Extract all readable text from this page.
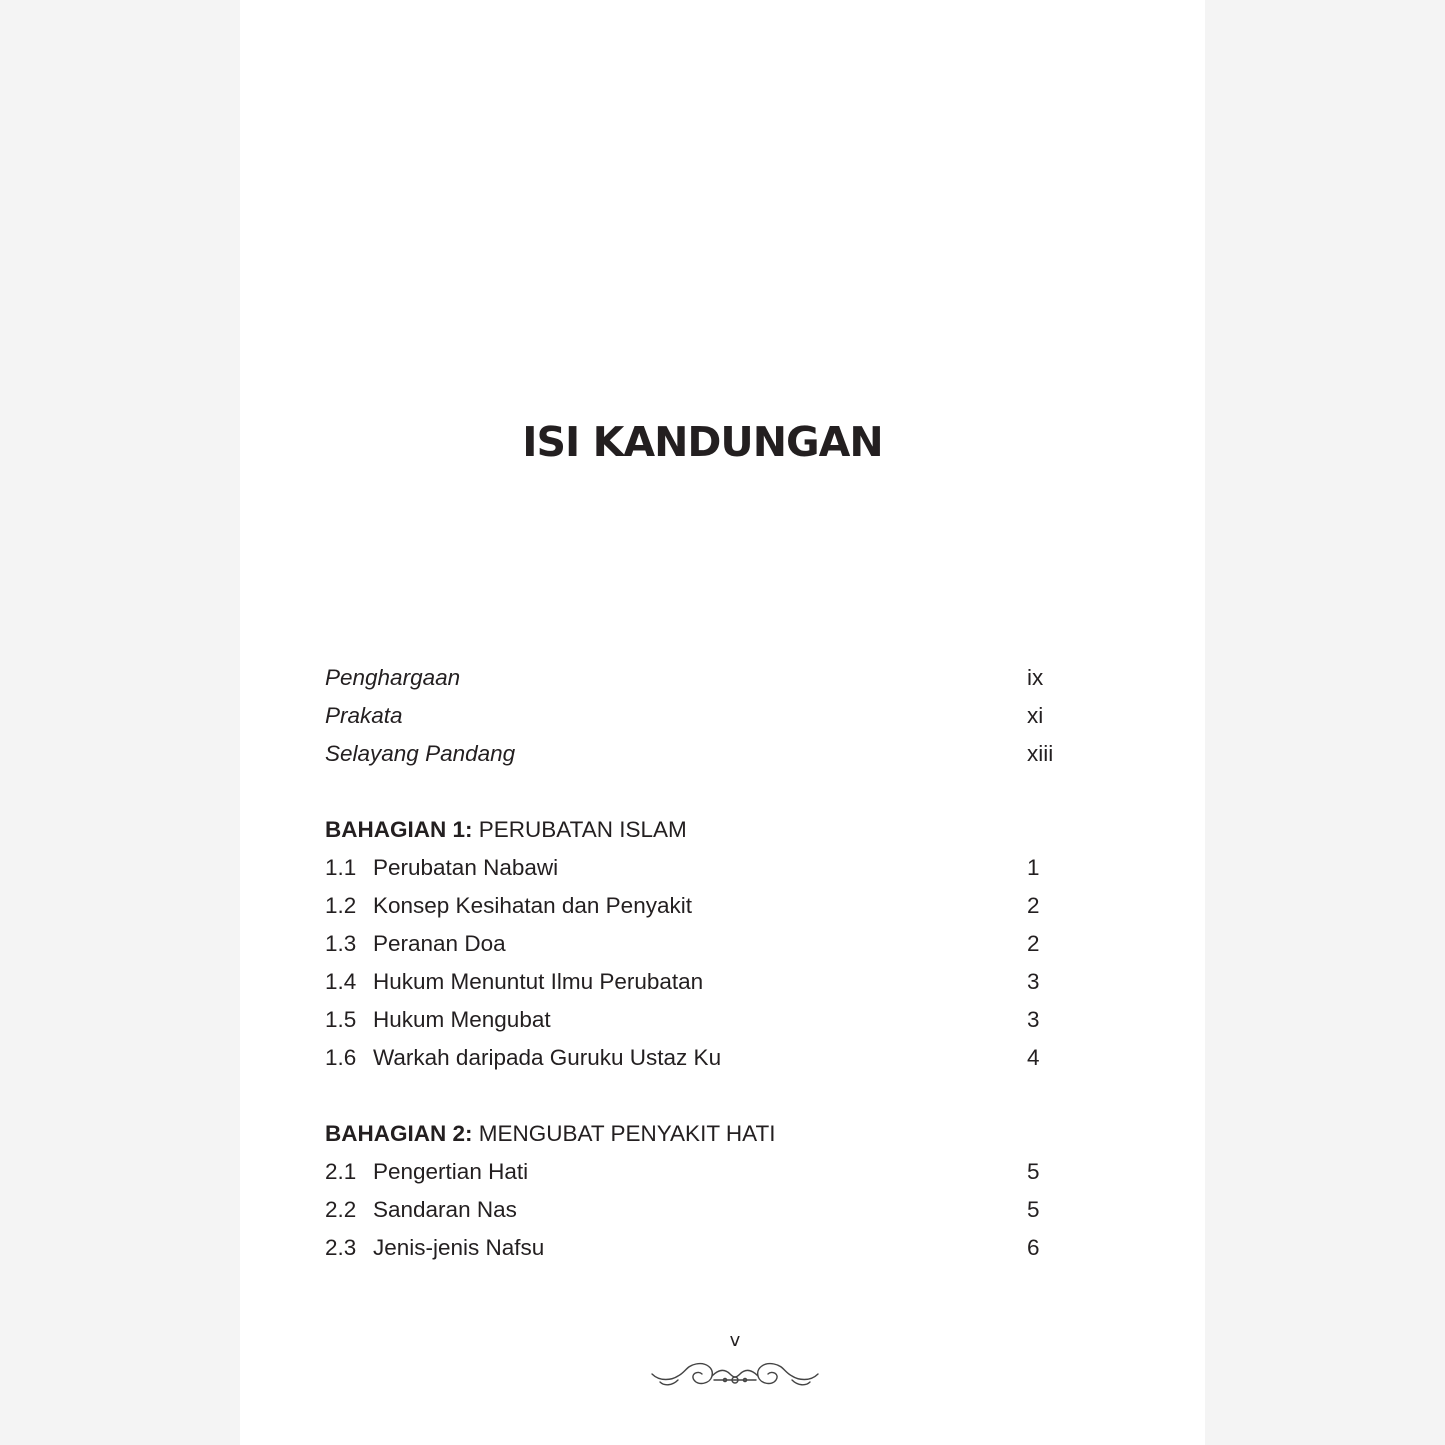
ISI KANDUNGAN
Penghargaan	ix
Prakata	xi
Selayang Pandang	xiii
BAHAGIAN 1: PERUBATAN ISLAM
1.1 Perubatan Nabawi	1
1.2 Konsep Kesihatan dan Penyakit	2
1.3 Peranan Doa	2
1.4 Hukum Menuntut Ilmu Perubatan	3
1.5 Hukum Mengubat	3
1.6 Warkah daripada Guruku Ustaz Ku	4
BAHAGIAN 2: MENGUBAT PENYAKIT HATI
2.1 Pengertian Hati	5
2.2 Sandaran Nas	5
2.3 Jenis-jenis Nafsu	6
v
